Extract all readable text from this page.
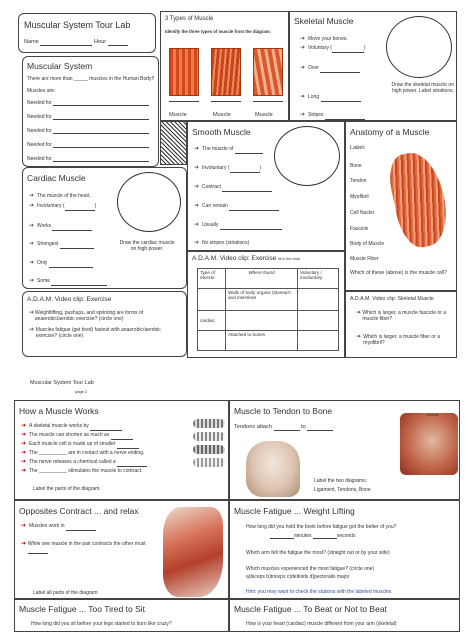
Muscular System Tour Lab
Name	Hour
Muscular System
There are more than _____ muscles in the Human Body!!
Muscles are:
Needed for
Needed for
Needed for
Needed for
Needed for
3 Types of Muscle
Identify the three types of muscle from the diagram:
Muscle	Muscle	Muscle
Skeletal Muscle
➜ Move your bones.
➜ Voluntary (	)
➜ Over
➜ Long
➜ Stripes
Draw the skeletal muscle on high power. Label striations.
Anatomy of a Muscle
Label:
Bone
Tendon
Myofibril
Cell Nuclei
Fascicle
Body of Muscle
Muscle Fiber
Which of these (above) is the muscle cell?
Smooth Muscle
➜ The muscle of
➜ Involuntary (	)
➜ Contract
➜ Can remain
➜ Usually
➜ No stripes (striations)
Cardiac Muscle
➜ The muscle of the heart.
➜ Involuntary (	)
➜ Works
➜ Strongest
➜ Only
➜ Some
Draw the cardiac muscle on high power.
A.D.A.M. Video clip: Exercise fill in the chart
Type of Muscle	Where found	Voluntary / Involuntary
	Walls of body organs (stomach and intestines	
cardiac		
	Attached to bones	
A.D.A.M. Video clip: Exercise
➜ Weightlifting, pushups, and sprinting are forms of anaerobic/aerobic exercise? (circle one)
➜ Muscles fatigue (get tired) fastest with anaerobic/aerobic exercise? (circle one)
A.D.A.M. Video clip: Skeletal Muscle
➜ Which is larger, a muscle fascicle or a muscle fiber?
➜ Which is larger, a muscle fiber or a myofibril?
Muscular System Tour Lab
page 2
How a Muscle Works
➜ A skeletal muscle works by
➜ The muscle can shorten as much as
➜ Each muscle cell is made up of smaller
➜ The __________ are in contact with a nerve ending.
➜ The nerve releases a chemical called a
➜ The __________ stimulates the muscle to contract.
Label the parts of the diagram.
Muscle to Tendon to Bone
Tendons attach	to	.
Clavicle
Label the two diagrams:
Ligament, Tendons, Bone
Opposites Contract ... and relax
➜ Muscles work in
➜ While one muscle in the pair contracts the other must
Label all parts of the diagram
Muscle Fatigue ... Weight Lifting
How long did you hold the book before fatigue got the better of you?
minutes	seconds
Which arm felt the fatigue the most? (straight out or by your side)
Which muscles experienced the most fatigue? (circle one)
a)biceps b)triceps c)deltoids d)pectoralis major
Hint: you may want to check the stations with the labeled muscles
Muscle Fatigue ... Too Tired to Sit
How long did you sit before your legs started to burn like crazy?
Muscle Fatigue ... To Beat or Not to Beat
How is your heart (cardiac) muscle different from your arm (skeletal)
